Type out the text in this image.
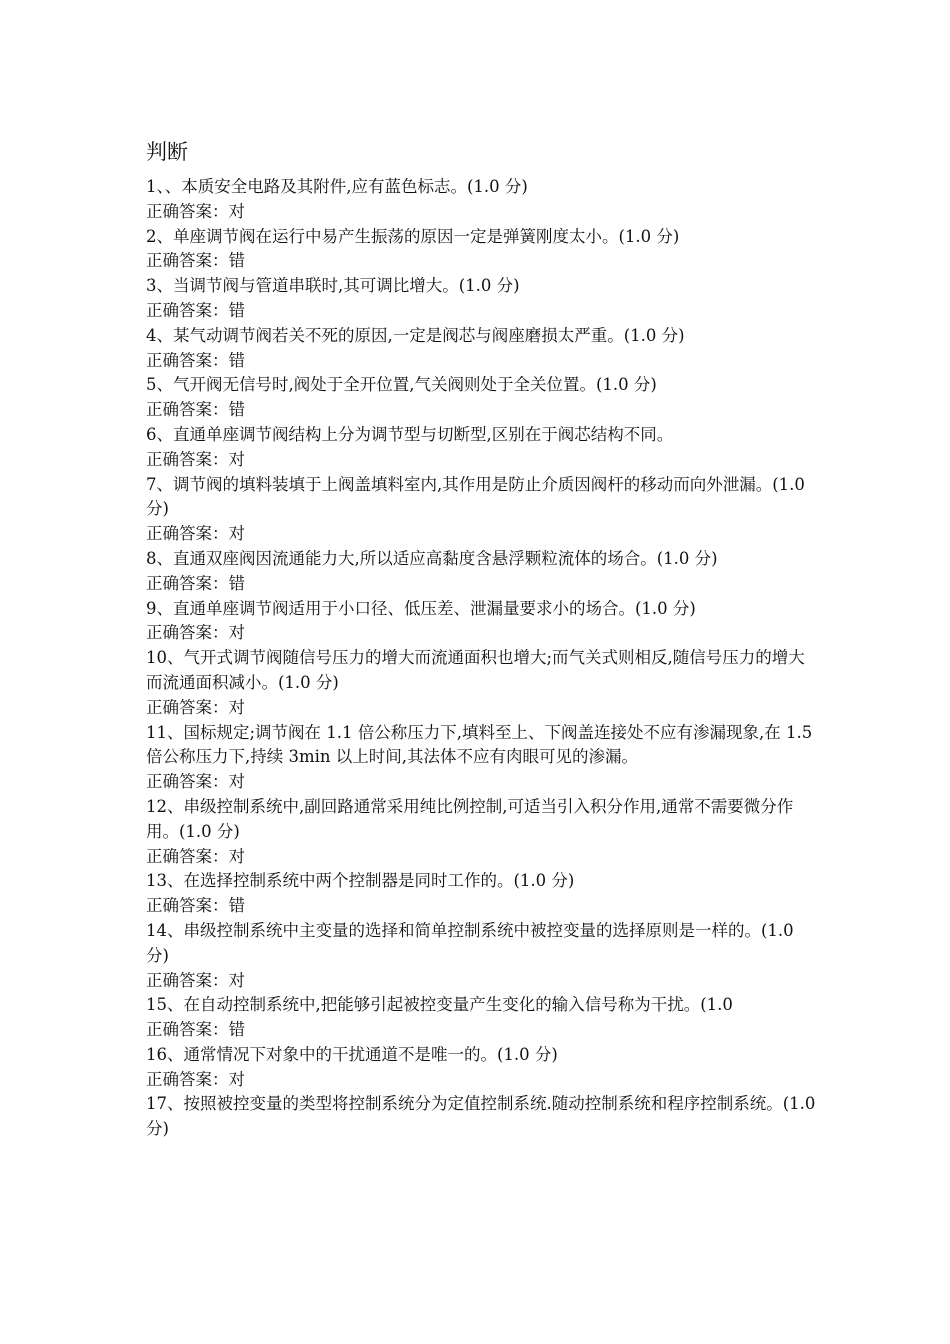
判断

1、、本质安全电路及其附件,应有蓝色标志。(1.0 分)

正确答案：对

2、单座调节阀在运行中易产生振荡的原因一定是弹簧刚度太小。(1.0 分)

正确答案：错

3、当调节阀与管道串联时,其可调比增大。(1.0 分)

正确答案：错

4、某气动调节阀若关不死的原因,一定是阀芯与阀座磨损太严重。(1.0 分)

正确答案：错

5、气开阀无信号时,阀处于全开位置,气关阀则处于全关位置。(1.0 分)

正确答案：错

6、直通单座调节阀结构上分为调节型与切断型,区别在于阀芯结构不同。

正确答案：对

7、调节阀的填料装填于上阀盖填料室内,其作用是防止介质因阀杆的移动而向外泄漏。(1.0 分)

正确答案：对

8、直通双座阀因流通能力大,所以适应高黏度含悬浮颗粒流体的场合。(1.0 分)

正确答案：错

9、直通单座调节阀适用于小口径、低压差、泄漏量要求小的场合。(1.0 分)

正确答案：对

10、气开式调节阀随信号压力的增大而流通面积也增大;而气关式则相反,随信号压力的增大而流通面积减小。(1.0 分)

正确答案：对

11、国标规定;调节阀在 1.1 倍公称压力下,填料至上、下阀盖连接处不应有渗漏现象,在 1.5 倍公称压力下,持续 3min 以上时间,其法体不应有肉眼可见的渗漏。

正确答案：对

12、串级控制系统中,副回路通常采用纯比例控制,可适当引入积分作用,通常不需要微分作用。(1.0 分)

正确答案：对

13、在选择控制系统中两个控制器是同时工作的。(1.0 分)

正确答案：错

14、串级控制系统中主变量的选择和简单控制系统中被控变量的选择原则是一样的。(1.0 分)

正确答案：对

15、在自动控制系统中,把能够引起被控变量产生变化的输入信号称为干扰。(1.0

正确答案：错

16、通常情况下对象中的干扰通道不是唯一的。(1.0 分)

正确答案：对

17、按照被控变量的类型将控制系统分为定值控制系统.随动控制系统和程序控制系统。(1.0 分)
